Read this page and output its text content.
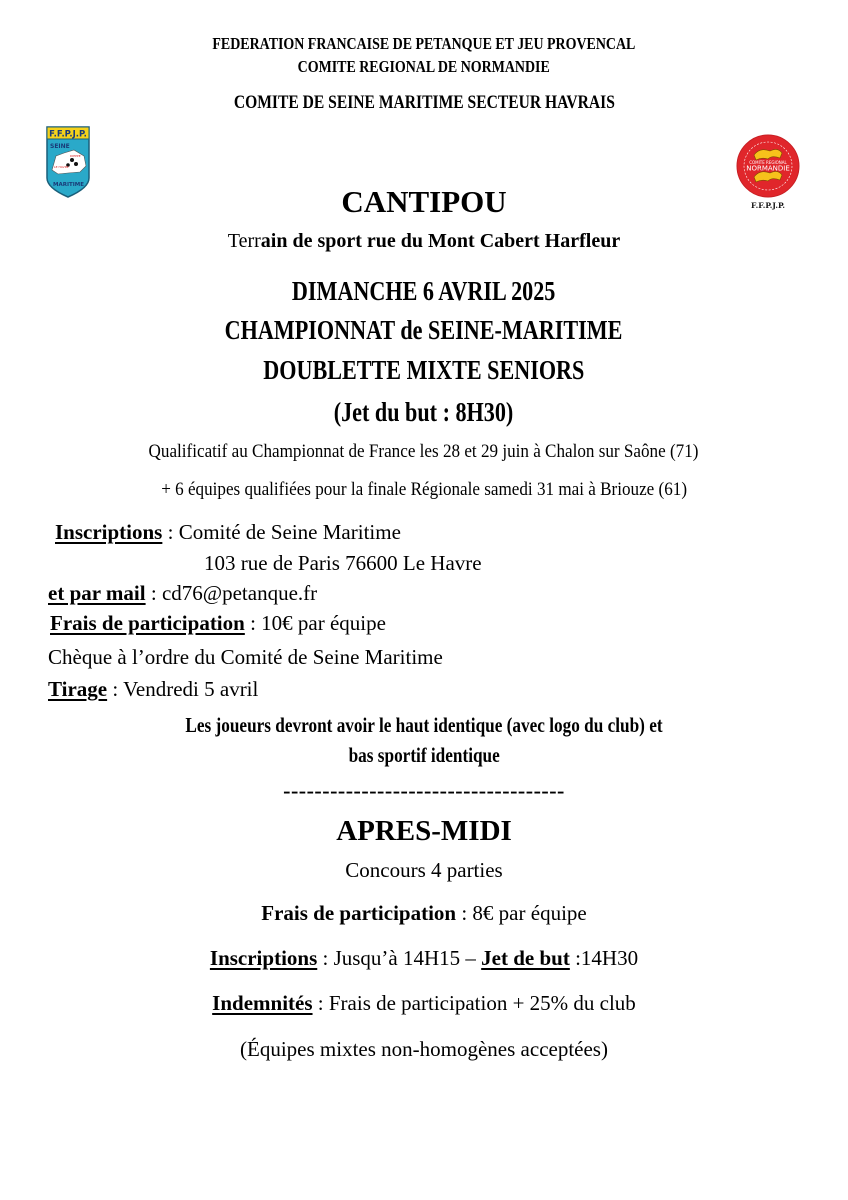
FEDERATION FRANCAISE DE PETANQUE ET JEU PROVENCAL
COMITE REGIONAL DE NORMANDIE
COMITE DE SEINE MARITIME SECTEUR HAVRAIS
F.F.P.J.P.
SEINE
DIEPPE
LE HAVRE
MARITIME
COMITE REGIONAL
NORMANDIE
F.F.P.J.P.
CANTIPOU
Terrain de sport rue du Mont Cabert Harfleur
DIMANCHE 6 AVRIL 2025
CHAMPIONNAT de SEINE-MARITIME
DOUBLETTE MIXTE SENIORS
(Jet du but : 8H30)
Qualificatif au Championnat de France les 28 et 29 juin à Chalon sur Saône (71)
+ 6 équipes qualifiées pour la finale Régionale samedi 31 mai à Briouze (61)
Inscriptions : Comité de Seine Maritime
103 rue de Paris 76600 Le Havre
et par mail : cd76@petanque.fr
Frais de participation : 10€ par équipe
Chèque à l’ordre du Comité de Seine Maritime
Tirage : Vendredi 5 avril
Les joueurs devront avoir le haut identique (avec logo du club) et
bas sportif identique
------------------------------------
APRES-MIDI
Concours 4 parties
Frais de participation : 8€ par équipe
Inscriptions : Jusqu’à 14H15 – Jet de but :14H30
Indemnités : Frais de participation + 25% du club
(Équipes mixtes non-homogènes acceptées)
